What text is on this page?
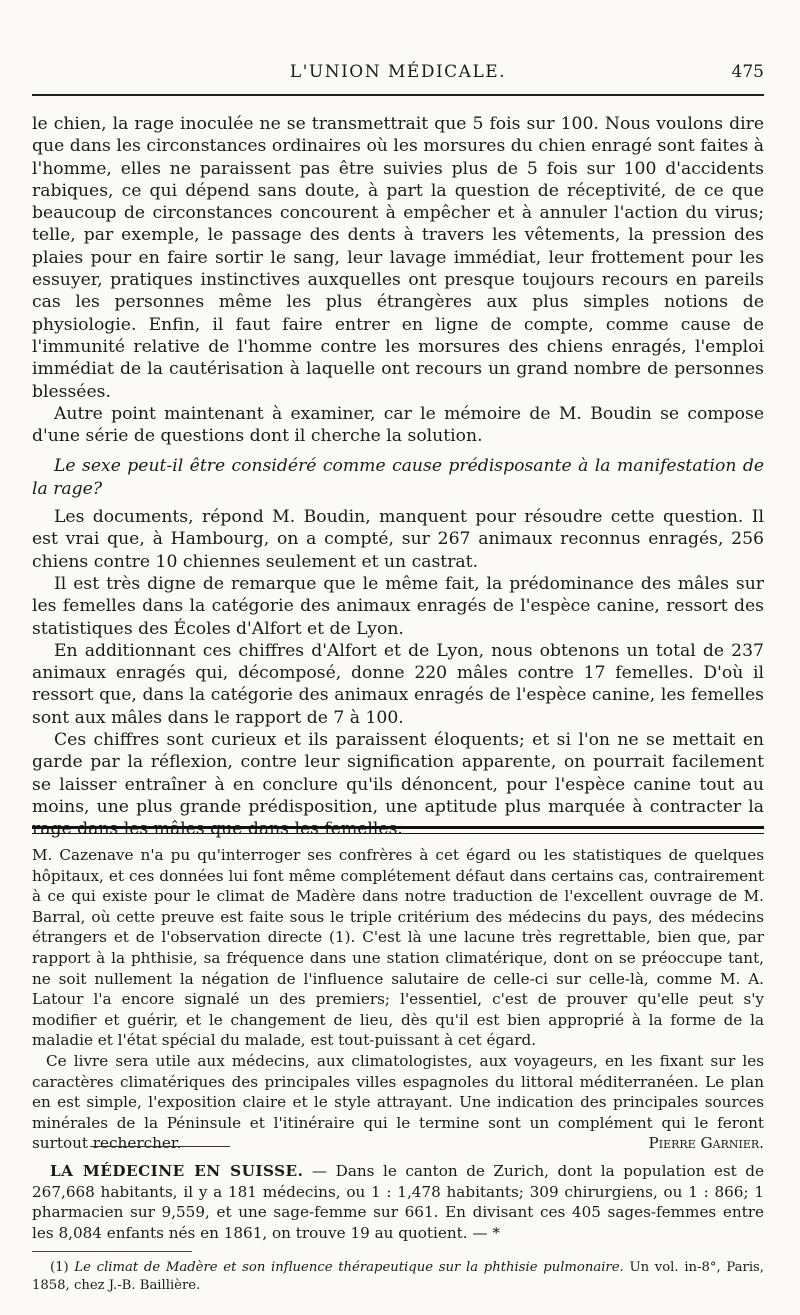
L'UNION MÉDICALE.	475

le chien, la rage inoculée ne se transmettrait que 5 fois sur 100. Nous voulons dire que dans les circonstances ordinaires où les morsures du chien enragé sont faites à l'homme, elles ne paraissent pas être suivies plus de 5 fois sur 100 d'accidents rabiques, ce qui dépend sans doute, à part la question de réceptivité, de ce que beaucoup de circonstances concourent à empêcher et à annuler l'action du virus; telle, par exemple, le passage des dents à travers les vêtements, la pression des plaies pour en faire sortir le sang, leur lavage immédiat, leur frottement pour les essuyer, pratiques instinctives auxquelles ont presque toujours recours en pareils cas les personnes même les plus étrangères aux plus simples notions de physiologie. Enfin, il faut faire entrer en ligne de compte, comme cause de l'immunité relative de l'homme contre les morsures des chiens enragés, l'emploi immédiat de la cautérisation à laquelle ont recours un grand nombre de personnes blessées.

Autre point maintenant à examiner, car le mémoire de M. Boudin se compose d'une série de questions dont il cherche la solution.

Le sexe peut-il être considéré comme cause prédisposante à la manifestation de la rage?

Les documents, répond M. Boudin, manquent pour résoudre cette question. Il est vrai que, à Hambourg, on a compté, sur 267 animaux reconnus enragés, 256 chiens contre 10 chiennes seulement et un castrat.

Il est très digne de remarque que le même fait, la prédominance des mâles sur les femelles dans la catégorie des animaux enragés de l'espèce canine, ressort des statistiques des Écoles d'Alfort et de Lyon.

En additionnant ces chiffres d'Alfort et de Lyon, nous obtenons un total de 237 animaux enragés qui, décomposé, donne 220 mâles contre 17 femelles. D'où il ressort que, dans la catégorie des animaux enragés de l'espèce canine, les femelles sont aux mâles dans le rapport de 7 à 100.

Ces chiffres sont curieux et ils paraissent éloquents; et si l'on ne se mettait en garde par la réflexion, contre leur signification apparente, on pourrait facilement se laisser entraîner à en conclure qu'ils dénoncent, pour l'espèce canine tout au moins, une plus grande prédisposition, une aptitude plus marquée à contracter la rage dans les mâles que dans les femelles.

M. Cazenave n'a pu qu'interroger ses confrères à cet égard ou les statistiques de quelques hôpitaux, et ces données lui font même complétement défaut dans certains cas, contrairement à ce qui existe pour le climat de Madère dans notre traduction de l'excellent ouvrage de M. Barral, où cette preuve est faite sous le triple critérium des médecins du pays, des médecins étrangers et de l'observation directe (1). C'est là une lacune très regrettable, bien que, par rapport à la phthisie, sa fréquence dans une station climatérique, dont on se préoccupe tant, ne soit nullement la négation de l'influence salutaire de celle-ci sur celle-là, comme M. A. Latour l'a encore signalé un des premiers; l'essentiel, c'est de prouver qu'elle peut s'y modifier et guérir, et le changement de lieu, dès qu'il est bien approprié à la forme de la maladie et l'état spécial du malade, est tout-puissant à cet égard.

Ce livre sera utile aux médecins, aux climatologistes, aux voyageurs, en les fixant sur les caractères climatériques des principales villes espagnoles du littoral méditerranéen. Le plan en est simple, l'exposition claire et le style attrayant. Une indication des principales sources minérales de la Péninsule et l'itinéraire qui le termine sont un complément qui le feront surtout rechercher.	Pierre Garnier.

LA MÉDECINE EN SUISSE. — Dans le canton de Zurich, dont la population est de 267,668 habitants, il y a 181 médecins, ou 1 : 1,478 habitants; 309 chirurgiens, ou 1 : 866; 1 pharmacien sur 9,559, et une sage-femme sur 661. En divisant ces 405 sages-femmes entre les 8,084 enfants nés en 1861, on trouve 19 au quotient. — *

(1) Le climat de Madère et son influence thérapeutique sur la phthisie pulmonaire. Un vol. in-8°, Paris, 1858, chez J.-B. Baillière.
